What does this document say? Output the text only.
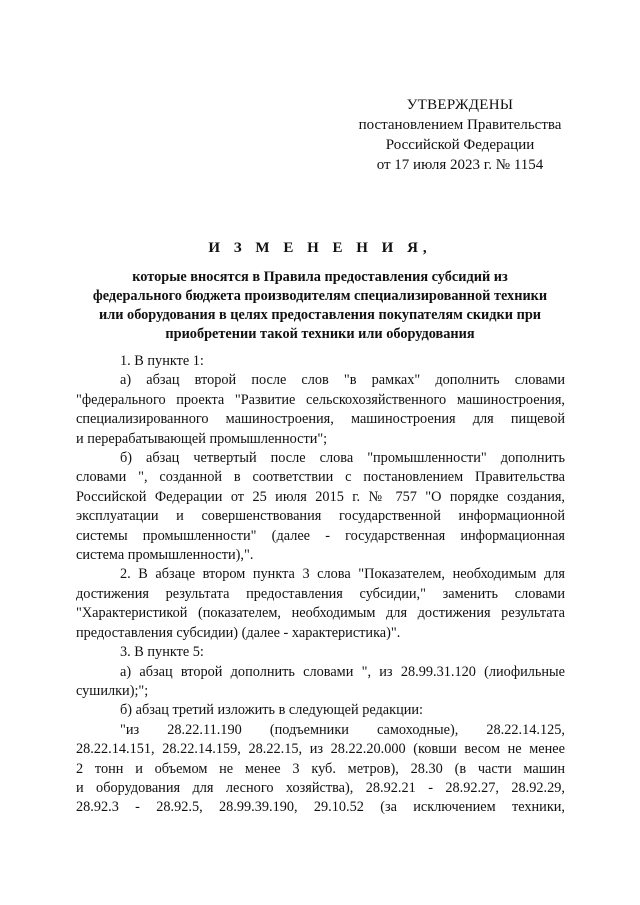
УТВЕРЖДЕНЫ
постановлением Правительства
Российской Федерации
от 17 июля 2023 г. № 1154
И З М Е Н Е Н И Я,
которые вносятся в Правила предоставления субсидий из
федерального бюджета производителям специализированной техники
или оборудования в целях предоставления покупателям скидки при
приобретении такой техники или оборудования
1. В пункте 1:
а) абзац второй после слов "в рамках" дополнить словами
"федерального проекта "Развитие сельскохозяйственного машиностроения,
специализированного машиностроения, машиностроения для пищевой
и перерабатывающей промышленности";
б) абзац четвертый после слова "промышленности" дополнить
словами ", созданной в соответствии с постановлением Правительства
Российской Федерации от 25 июля 2015 г. № 757 "О порядке создания,
эксплуатации и совершенствования государственной информационной
системы промышленности" (далее - государственная информационная
система промышленности),".
2. В абзаце втором пункта 3 слова "Показателем, необходимым для
достижения результата предоставления субсидии," заменить словами
"Характеристикой (показателем, необходимым для достижения результата
предоставления субсидии) (далее - характеристика)".
3. В пункте 5:
а) абзац второй дополнить словами ", из 28.99.31.120 (лиофильные
сушилки);";
б) абзац третий изложить в следующей редакции:
"из 28.22.11.190 (подъемники самоходные), 28.22.14.125,
28.22.14.151, 28.22.14.159, 28.22.15, из 28.22.20.000 (ковши весом не менее
2 тонн и объемом не менее 3 куб. метров), 28.30 (в части машин
и оборудования для лесного хозяйства), 28.92.21 - 28.92.27, 28.92.29,
28.92.3 - 28.92.5, 28.99.39.190, 29.10.52 (за исключением техники,
